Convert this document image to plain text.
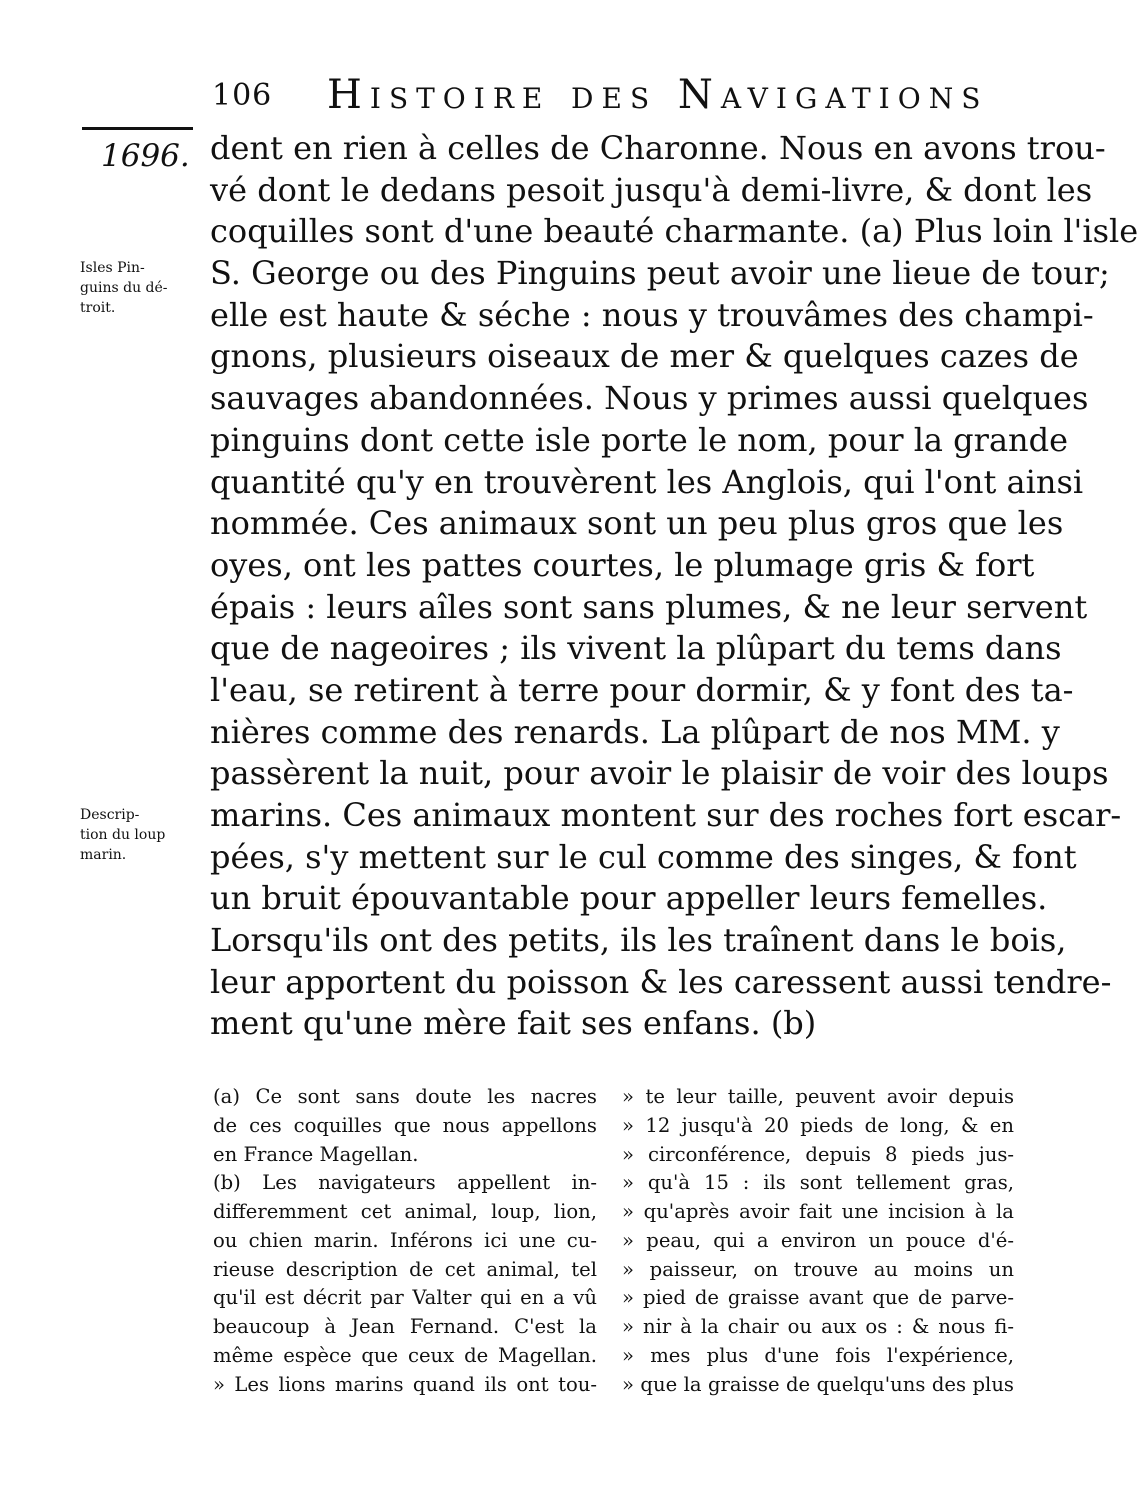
106 Histoire des Navigations
1696.
Isles Pin-
guins du dé-
troit.
Descrip-
tion du loup
marin.
dent en rien à celles de Charonne. Nous en avons trou-
vé dont le dedans pesoit jusqu'à demi-livre, & dont les
coquilles sont d'une beauté charmante. (a) Plus loin l'isle
S. George ou des Pinguins peut avoir une lieue de tour;
elle est haute & séche : nous y trouvâmes des champi-
gnons, plusieurs oiseaux de mer & quelques cazes de
sauvages abandonnées. Nous y primes aussi quelques
pinguins dont cette isle porte le nom, pour la grande
quantité qu'y en trouvèrent les Anglois, qui l'ont ainsi
nommée. Ces animaux sont un peu plus gros que les
oyes, ont les pattes courtes, le plumage gris & fort
épais : leurs aîles sont sans plumes, & ne leur servent
que de nageoires ; ils vivent la plûpart du tems dans
l'eau, se retirent à terre pour dormir, & y font des ta-
nières comme des renards. La plûpart de nos MM. y
passèrent la nuit, pour avoir le plaisir de voir des loups
marins. Ces animaux montent sur des roches fort escar-
pées, s'y mettent sur le cul comme des singes, & font
un bruit épouvantable pour appeller leurs femelles.
Lorsqu'ils ont des petits, ils les traînent dans le bois,
leur apportent du poisson & les caressent aussi tendre-
ment qu'une mère fait ses enfans. (b)
(a) Ce sont sans doute les nacres
de ces coquilles que nous appellons
en France Magellan.
(b) Les navigateurs appellent in-
differemment cet animal, loup, lion,
ou chien marin. Inférons ici une cu-
rieuse description de cet animal, tel
qu'il est décrit par Valter qui en a vû
beaucoup à Jean Fernand. C'est la
même espèce que ceux de Magellan.
» Les lions marins quand ils ont tou-
» te leur taille, peuvent avoir depuis
» 12 jusqu'à 20 pieds de long, & en
» circonférence, depuis 8 pieds jus-
» qu'à 15 : ils sont tellement gras,
» qu'après avoir fait une incision à la
» peau, qui a environ un pouce d'é-
» paisseur, on trouve au moins un
» pied de graisse avant que de parve-
» nir à la chair ou aux os : & nous fi-
» mes plus d'une fois l'expérience,
» que la graisse de quelqu'uns des plus
